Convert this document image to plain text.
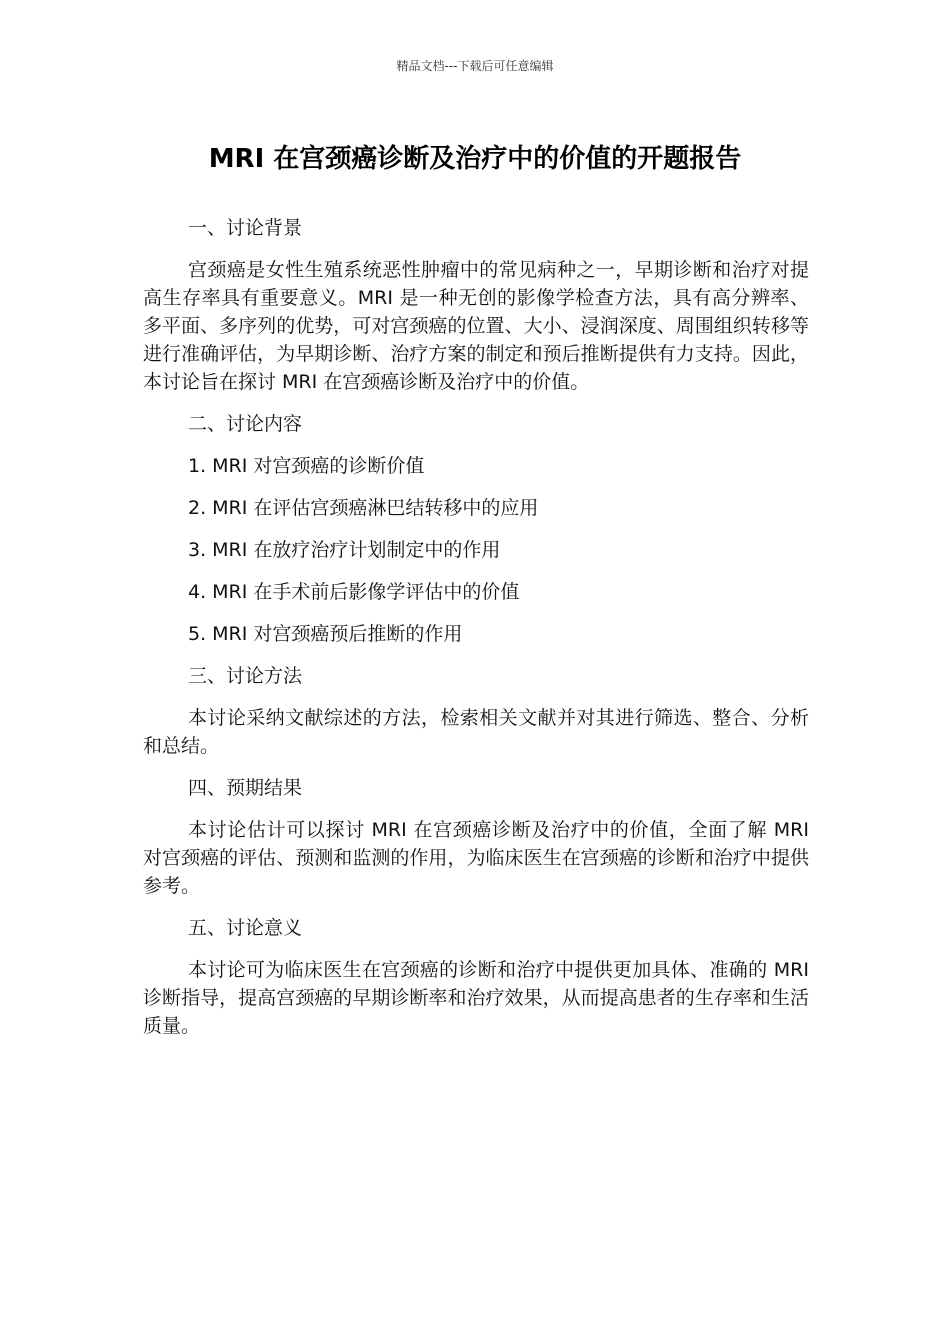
精品文档---下载后可任意编辑
MRI 在宫颈癌诊断及治疗中的价值的开题报告

一、讨论背景

宫颈癌是女性生殖系统恶性肿瘤中的常见病种之一，早期诊断和治疗对提高生存率具有重要意义。MRI 是一种无创的影像学检查方法，具有高分辨率、多平面、多序列的优势，可对宫颈癌的位置、大小、浸润深度、周围组织转移等进行准确评估，为早期诊断、治疗方案的制定和预后推断提供有力支持。因此，本讨论旨在探讨 MRI 在宫颈癌诊断及治疗中的价值。

二、讨论内容

1. MRI 对宫颈癌的诊断价值

2. MRI 在评估宫颈癌淋巴结转移中的应用

3. MRI 在放疗治疗计划制定中的作用

4. MRI 在手术前后影像学评估中的价值

5. MRI 对宫颈癌预后推断的作用

三、讨论方法

本讨论采纳文献综述的方法，检索相关文献并对其进行筛选、整合、分析和总结。

四、预期结果

本讨论估计可以探讨 MRI 在宫颈癌诊断及治疗中的价值，全面了解 MRI 对宫颈癌的评估、预测和监测的作用，为临床医生在宫颈癌的诊断和治疗中提供参考。

五、讨论意义

本讨论可为临床医生在宫颈癌的诊断和治疗中提供更加具体、准确的 MRI 诊断指导，提高宫颈癌的早期诊断率和治疗效果，从而提高患者的生存率和生活质量。
